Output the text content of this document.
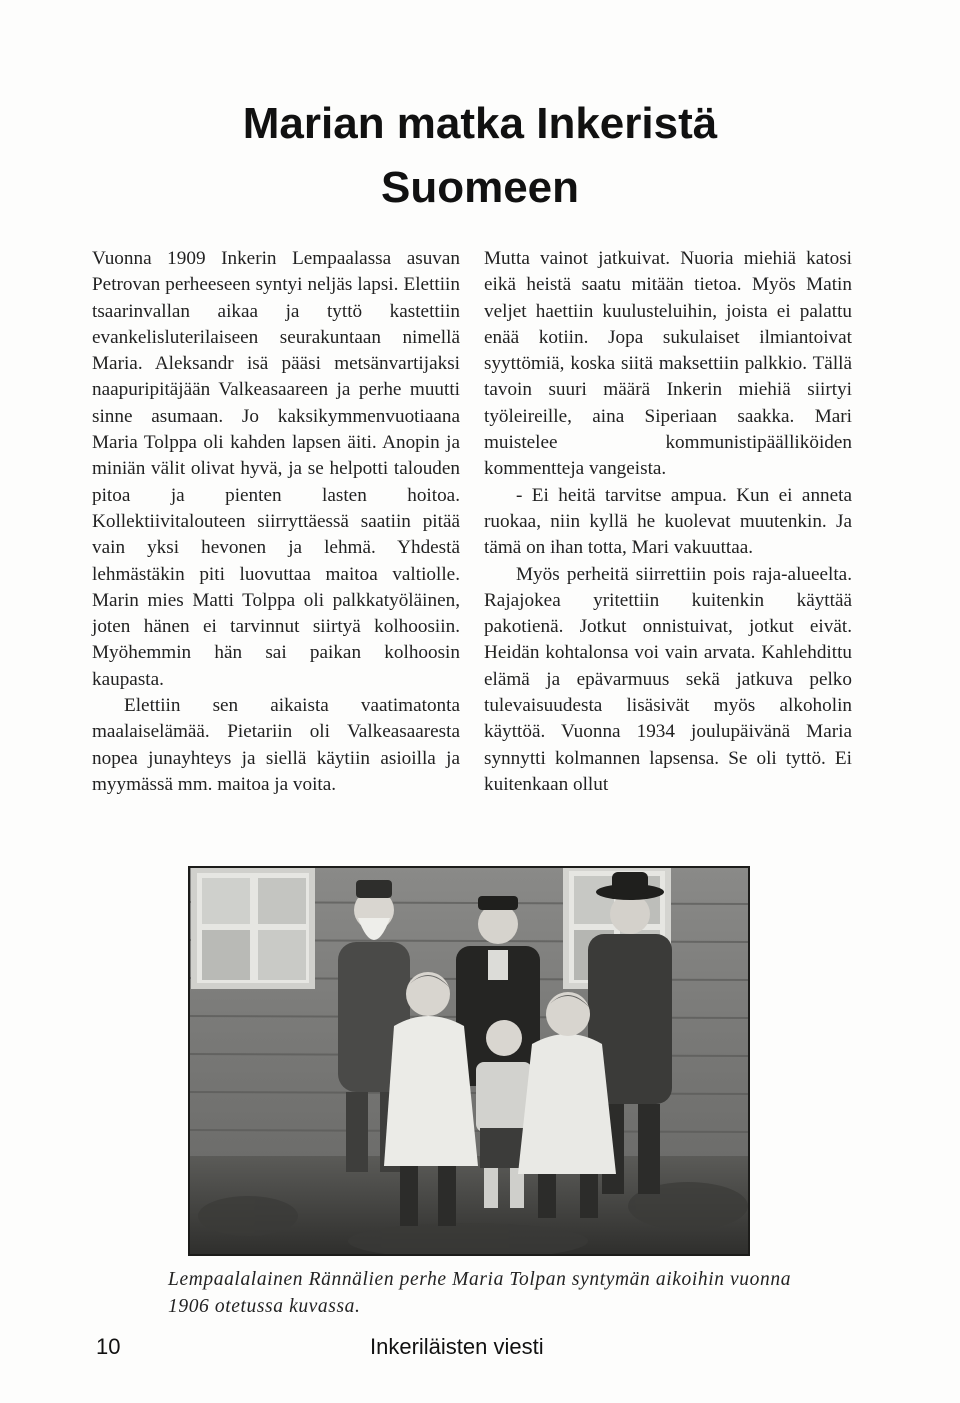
Marian matka Inkeristä
Suomeen

Vuonna 1909 Inkerin Lempaalassa asuvan Petrovan perheeseen syntyi neljäs lapsi. Elettiin tsaarinvallan aikaa ja tyttö kastettiin evankelisluterilaiseen seurakuntaan nimellä Maria. Aleksandr isä pääsi metsänvartijaksi naapuripitäjään Valkeasaareen ja perhe muutti sinne asumaan. Jo kaksikymmenvuotiaana Maria Tolppa oli kahden lapsen äiti. Anopin ja miniän välit olivat hyvä, ja se helpotti talouden pitoa ja pienten lasten hoitoa. Kollektiivitalouteen siirryttäessä saatiin pitää vain yksi hevonen ja lehmä. Yhdestä lehmästäkin piti luovuttaa maitoa valtiolle. Marin mies Matti Tolppa oli palkkatyöläinen, joten hänen ei tarvinnut siirtyä kolhoosiin. Myöhemmin hän sai paikan kolhoosin kaupasta.

Elettiin sen aikaista vaatimatonta maalaiselämää. Pietariin oli Valkeasaaresta nopea junayhteys ja siellä käytiin asioilla ja myymässä mm. maitoa ja voita.

Mutta vainot jatkuivat. Nuoria miehiä katosi eikä heistä saatu mitään tietoa. Myös Matin veljet haettiin kuulusteluihin, joista ei palattu enää kotiin. Jopa sukulaiset ilmiantoivat syyttömiä, koska siitä maksettiin palkkio. Tällä tavoin suuri määrä Inkerin miehiä siirtyi työleireille, aina Siperiaan saakka. Mari muistelee kommunistipäälliköiden kommentteja vangeista.

- Ei heitä tarvitse ampua. Kun ei anneta ruokaa, niin kyllä he kuolevat muutenkin. Ja tämä on ihan totta, Mari vakuuttaa.

Myös perheitä siirrettiin pois raja-alueelta. Rajajokea yritettiin kuitenkin käyttää pakotienä. Jotkut onnistuivat, jotkut eivät. Heidän kohtalonsa voi vain arvata. Kahlehdittu elämä ja epävarmuus sekä jatkuva pelko tulevaisuudesta lisäsivät myös alkoholin käyttöä. Vuonna 1934 joulupäivänä Maria synnytti kolmannen lapsensa. Se oli tyttö. Ei kuitenkaan ollut

Lempaalalainen Rännälien perhe Maria Tolpan syntymän aikoihin vuonna 1906 otetussa kuvassa.
10	Inkeriläisten viesti
